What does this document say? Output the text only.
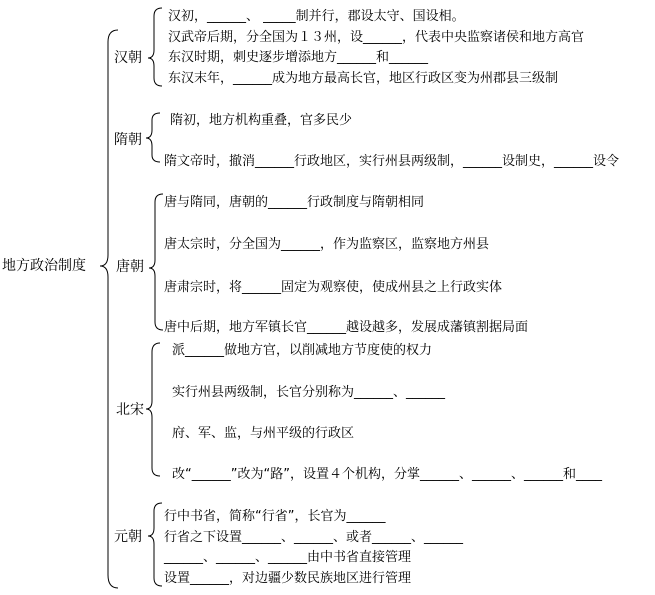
地方政治制度
汉朝
汉初，______、 _____制并行，郡设太守、国设相。
汉武帝后期，分全国为１３州，设______，代表中央监察诸侯和地方高官
东汉时期，刺史逐步增添地方______和______
东汉末年，______成为地方最高长官，地区行政区变为州郡县三级制
隋朝
隋初，地方机构重叠，官多民少
隋文帝时，撤消______行政地区，实行州县两级制，______设制史，______设令
唐朝
唐与隋同，唐朝的______行政制度与隋朝相同
唐太宗时，分全国为______，作为监察区，监察地方州县
唐肃宗时，将______固定为观察使，使成州县之上行政实体
唐中后期，地方军镇长官______越设越多，发展成藩镇割据局面
北宋
派______做地方官，以削减地方节度使的权力
实行州县两级制，长官分别称为______、______
府、军、监，与州平级的行政区
改“______”改为“路”，设置４个机构，分掌______、______、______和____
元朝
行中书省，简称“行省”，长官为______
行省之下设置______、______、或者______、______
______、______、______由中书省直接管理
设置______，对边疆少数民族地区进行管理
